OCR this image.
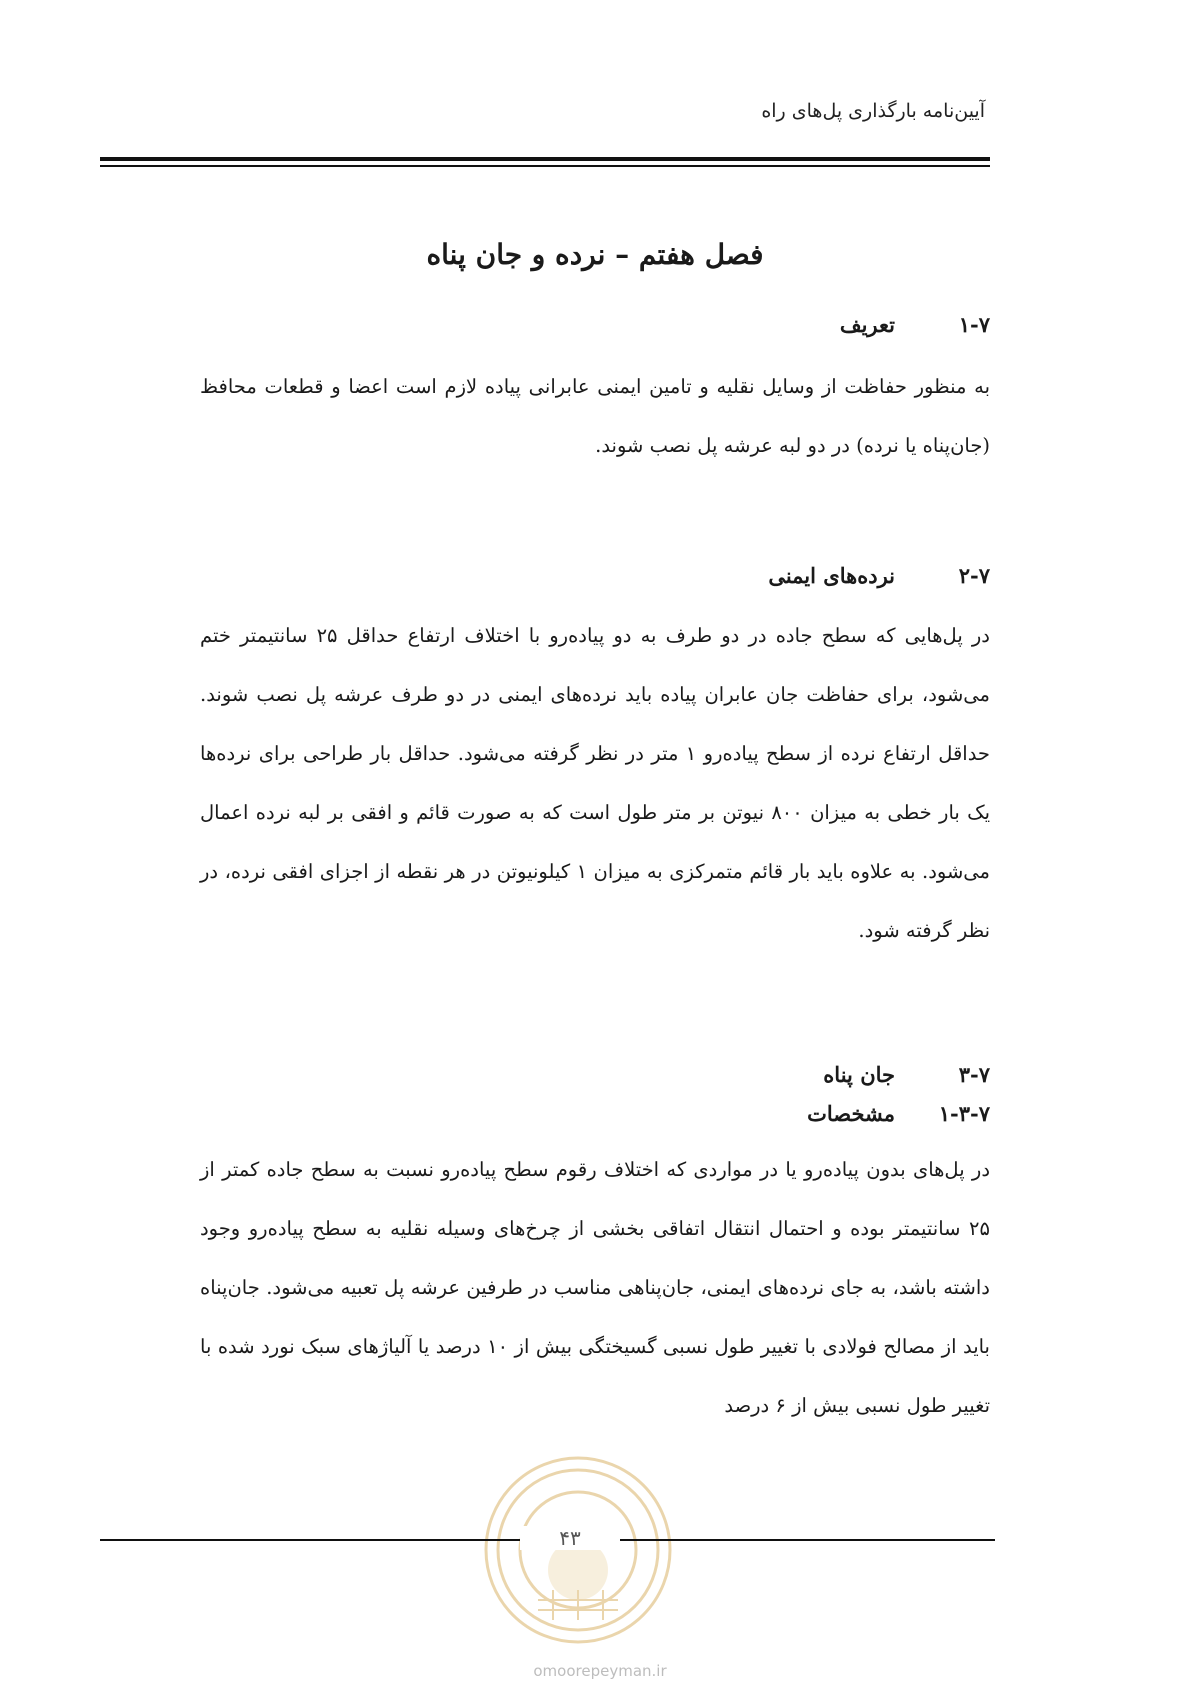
آیین‌نامه بارگذاری پل‌های راه
فصل هفتم – نرده و جان پناه
۱-۷
تعریف

به منظور حفاظت از وسایل نقلیه و تامین ایمنی عابرانی پیاده لازم است اعضا و قطعات محافظ (جان‌پناه یا نرده) در دو لبه عرشه پل نصب شوند.

۲-۷
نرده‌های ایمنی

در پل‌هایی که سطح جاده در دو طرف به دو پیاده‌رو با اختلاف ارتفاع حداقل ۲۵ سانتیمتر ختم می‌شود، برای حفاظت جان عابران پیاده باید نرده‌های ایمنی در دو طرف عرشه پل نصب شوند. حداقل ارتفاع نرده از سطح پیاده‌رو ۱ متر در نظر گرفته می‌شود. حداقل بار طراحی برای نرده‌ها یک بار خطی به میزان ۸۰۰ نیوتن بر متر طول است که به صورت قائم و افقی بر لبه نرده اعمال می‌شود. به علاوه باید بار قائم متمرکزی به میزان ۱ کیلونیوتن در هر نقطه از اجزای افقی نرده، در نظر گرفته شود.

۳-۷
جان پناه
۱-۳-۷
مشخصات

در پل‌های بدون پیاده‌رو یا در مواردی که اختلاف رقوم سطح پیاده‌رو نسبت به سطح جاده کمتر از ۲۵ سانتیمتر بوده و احتمال انتقال اتفاقی بخشی از چرخ‌های وسیله نقلیه به سطح پیاده‌رو وجود داشته باشد، به جای نرده‌های ایمنی، جان‌پناهی مناسب در طرفین عرشه پل تعبیه می‌شود. جان‌پناه باید از مصالح فولادی با تغییر طول نسبی گسیختگی بیش از ۱۰ درصد یا آلیاژهای سبک نورد شده با تغییر طول نسبی بیش از ۶ درصد

۴۳
omoorepeyman.ir
